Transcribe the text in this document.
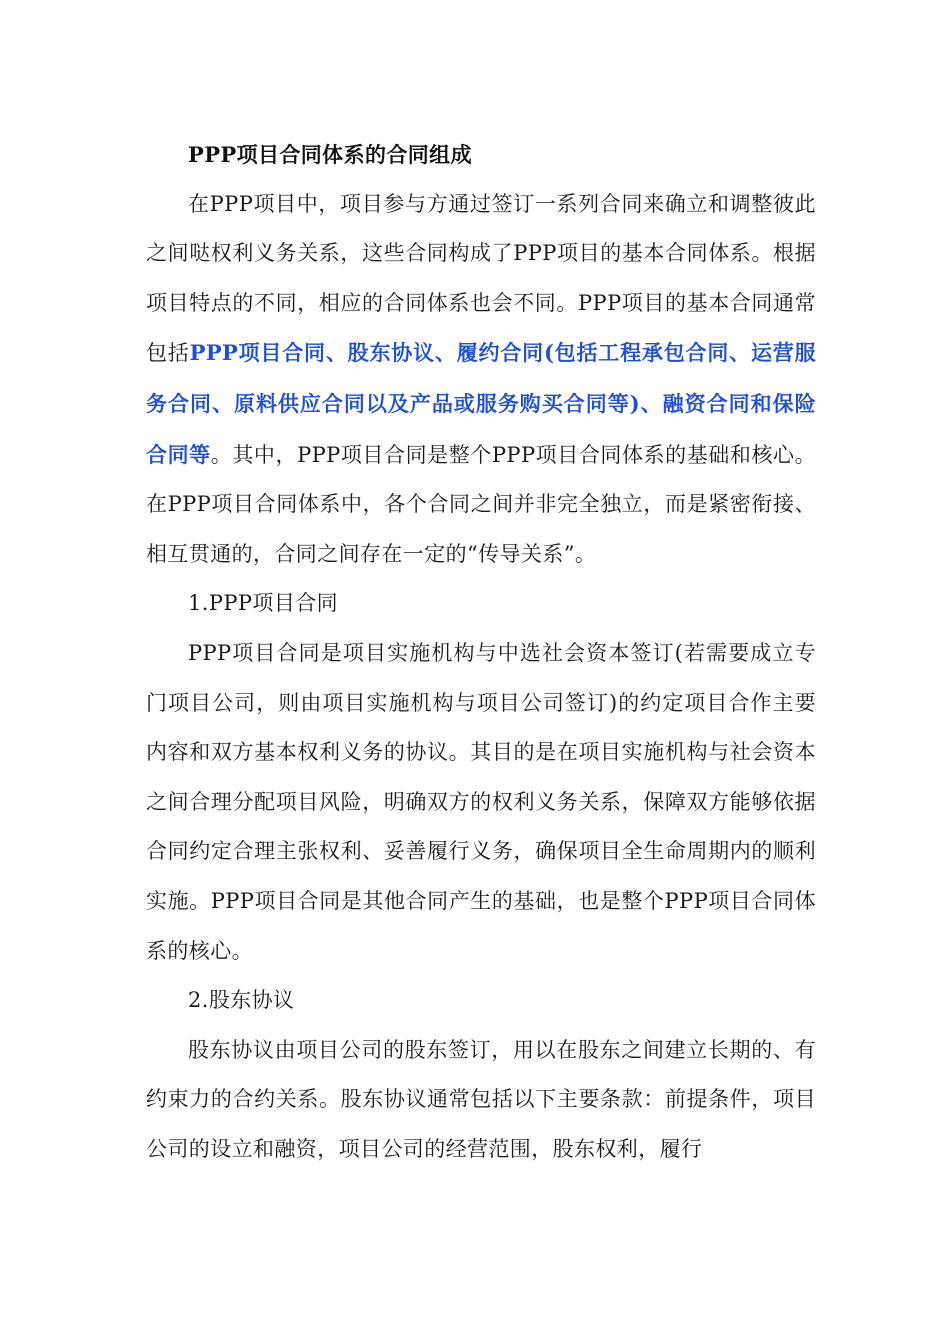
PPP项目合同体系的合同组成

在PPP项目中，项目参与方通过签订一系列合同来确立和调整彼此之间哒权利义务关系，这些合同构成了PPP项目的基本合同体系。根据项目特点的不同，相应的合同体系也会不同。PPP项目的基本合同通常包括PPP项目合同、股东协议、履约合同(包括工程承包合同、运营服务合同、原料供应合同以及产品或服务购买合同等)、融资合同和保险合同等。其中，PPP项目合同是整个PPP项目合同体系的基础和核心。在PPP项目合同体系中，各个合同之间并非完全独立，而是紧密衔接、相互贯通的，合同之间存在一定的“传导关系”。

1.PPP项目合同

PPP项目合同是项目实施机构与中选社会资本签订(若需要成立专门项目公司，则由项目实施机构与项目公司签订)的约定项目合作主要内容和双方基本权利义务的协议。其目的是在项目实施机构与社会资本之间合理分配项目风险，明确双方的权利义务关系，保障双方能够依据合同约定合理主张权利、妥善履行义务，确保项目全生命周期内的顺利实施。PPP项目合同是其他合同产生的基础，也是整个PPP项目合同体系的核心。

2.股东协议

股东协议由项目公司的股东签订，用以在股东之间建立长期的、有约束力的合约关系。股东协议通常包括以下主要条款：前提条件，项目公司的设立和融资，项目公司的经营范围，股东权利，履行
